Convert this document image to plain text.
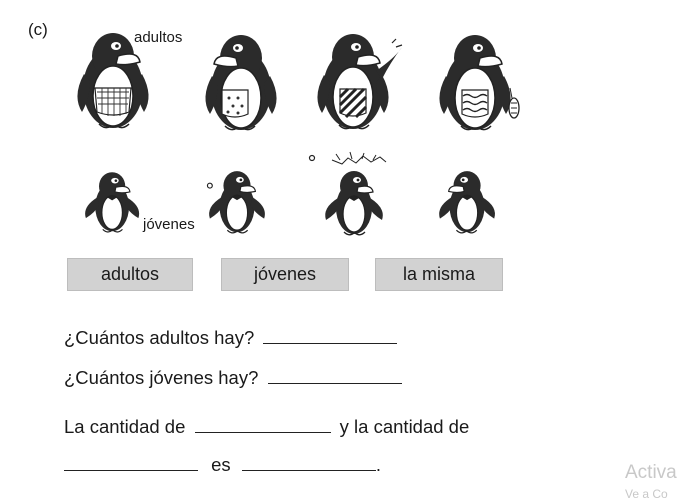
(c)	adultos
jóvenes
adultos	jóvenes	la misma
¿Cuántos adultos hay?
¿Cuántos jóvenes hay?
La cantidad de	y la cantidad de
es	.	Activa
Ve a Co
